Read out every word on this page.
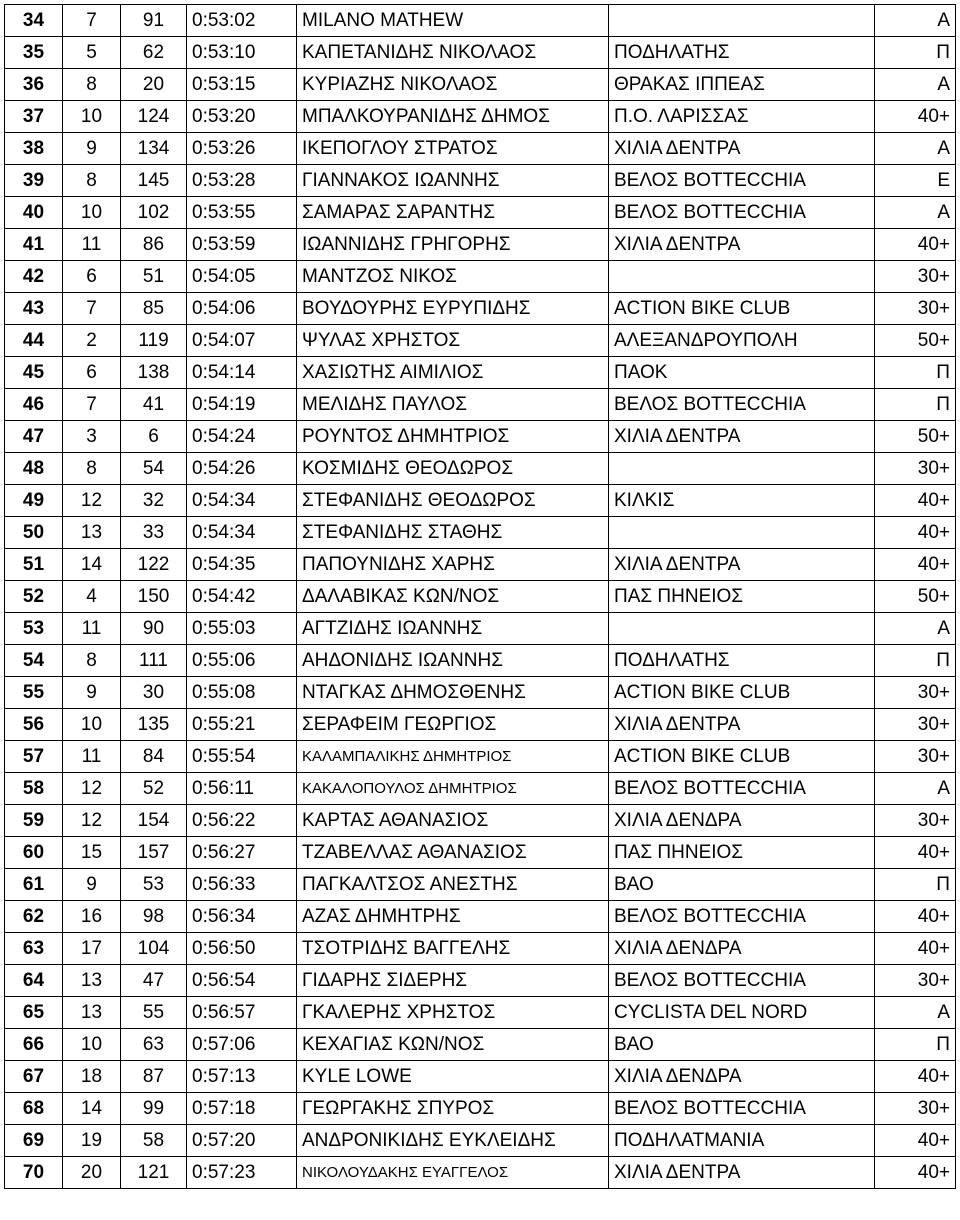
34	7	91	0:53:02	MILANO MATHEW		A
35	5	62	0:53:10	ΚΑΠΕΤΑΝΙΔΗΣ ΝΙΚΟΛΑΟΣ	ΠΟΔΗΛΑΤΗΣ	Π
36	8	20	0:53:15	ΚΥΡΙΑΖΗΣ ΝΙΚΟΛΑΟΣ	ΘΡΑΚΑΣ ΙΠΠΕΑΣ	A
37	10	124	0:53:20	ΜΠΑΛΚΟΥΡΑΝΙΔΗΣ ΔΗΜΟΣ	Π.Ο. ΛΑΡΙΣΣΑΣ	40+
38	9	134	0:53:26	ΙΚΕΠΟΓΛΟΥ ΣΤΡΑΤΟΣ	ΧΙΛΙΑ ΔΕΝΤΡΑ	A
39	8	145	0:53:28	ΓΙΑΝΝΑΚΟΣ ΙΩΑΝΝΗΣ	ΒΕΛΟΣ BOTTECCHIA	E
40	10	102	0:53:55	ΣΑΜΑΡΑΣ ΣΑΡΑΝΤΗΣ	ΒΕΛΟΣ BOTTECCHIA	A
41	11	86	0:53:59	ΙΩΑΝΝΙΔΗΣ ΓΡΗΓΟΡΗΣ	ΧΙΛΙΑ ΔΕΝΤΡΑ	40+
42	6	51	0:54:05	ΜΑΝΤΖΟΣ ΝΙΚΟΣ		30+
43	7	85	0:54:06	ΒΟΥΔΟΥΡΗΣ ΕΥΡΥΠΙΔΗΣ	ACTION BIKE CLUB	30+
44	2	119	0:54:07	ΨΥΛΑΣ ΧΡΗΣΤΟΣ	ΑΛΕΞΑΝΔΡΟΥΠΟΛΗ	50+
45	6	138	0:54:14	ΧΑΣΙΩΤΗΣ ΑΙΜΙΛΙΟΣ	ΠΑΟΚ	Π
46	7	41	0:54:19	ΜΕΛΙΔΗΣ ΠΑΥΛΟΣ	ΒΕΛΟΣ BOTTECCHIA	Π
47	3	6	0:54:24	ΡΟΥΝΤΟΣ ΔΗΜΗΤΡΙΟΣ	ΧΙΛΙΑ ΔΕΝΤΡΑ	50+
48	8	54	0:54:26	ΚΟΣΜΙΔΗΣ ΘΕΟΔΩΡΟΣ		30+
49	12	32	0:54:34	ΣΤΕΦΑΝΙΔΗΣ ΘΕΟΔΩΡΟΣ	ΚΙΛΚΙΣ	40+
50	13	33	0:54:34	ΣΤΕΦΑΝΙΔΗΣ ΣΤΑΘΗΣ		40+
51	14	122	0:54:35	ΠΑΠΟΥΝΙΔΗΣ ΧΑΡΗΣ	ΧΙΛΙΑ ΔΕΝΤΡΑ	40+
52	4	150	0:54:42	ΔΑΛΑΒΙΚΑΣ ΚΩΝ/ΝΟΣ	ΠΑΣ ΠΗΝΕΙΟΣ	50+
53	11	90	0:55:03	ΑΓΤΖΙΔΗΣ ΙΩΑΝΝΗΣ		A
54	8	111	0:55:06	ΑΗΔΟΝΙΔΗΣ ΙΩΑΝΝΗΣ	ΠΟΔΗΛΑΤΗΣ	Π
55	9	30	0:55:08	ΝΤΑΓΚΑΣ ΔΗΜΟΣΘΕΝΗΣ	ACTION BIKE CLUB	30+
56	10	135	0:55:21	ΣΕΡΑΦΕΙΜ ΓΕΩΡΓΙΟΣ	ΧΙΛΙΑ ΔΕΝΤΡΑ	30+
57	11	84	0:55:54	ΚΑΛΑΜΠΑΛΙΚΗΣ ΔΗΜΗΤΡΙΟΣ	ACTION BIKE CLUB	30+
58	12	52	0:56:11	ΚΑΚΑΛΟΠΟΥΛΟΣ ΔΗΜΗΤΡΙΟΣ	ΒΕΛΟΣ BOTTECCHIA	A
59	12	154	0:56:22	ΚΑΡΤΑΣ ΑΘΑΝΑΣΙΟΣ	ΧΙΛΙΑ ΔΕΝΔΡΑ	30+
60	15	157	0:56:27	ΤΖΑΒΕΛΛΑΣ ΑΘΑΝΑΣΙΟΣ	ΠΑΣ ΠΗΝΕΙΟΣ	40+
61	9	53	0:56:33	ΠΑΓΚΑΛΤΣΟΣ ΑΝΕΣΤΗΣ	ΒΑΟ	Π
62	16	98	0:56:34	ΑΖΑΣ ΔΗΜΗΤΡΗΣ	ΒΕΛΟΣ BOTTECCHIA	40+
63	17	104	0:56:50	ΤΣΟΤΡΙΔΗΣ ΒΑΓΓΕΛΗΣ	ΧΙΛΙΑ ΔΕΝΔΡΑ	40+
64	13	47	0:56:54	ΓΙΔΑΡΗΣ ΣΙΔΕΡΗΣ	ΒΕΛΟΣ BOTTECCHIA	30+
65	13	55	0:56:57	ΓΚΑΛΕΡΗΣ ΧΡΗΣΤΟΣ	CYCLISTA DEL NORD	A
66	10	63	0:57:06	ΚΕΧΑΓΙΑΣ ΚΩΝ/ΝΟΣ	ΒΑΟ	Π
67	18	87	0:57:13	KYLE LOWE	ΧΙΛΙΑ ΔΕΝΔΡΑ	40+
68	14	99	0:57:18	ΓΕΩΡΓΑΚΗΣ ΣΠΥΡΟΣ	ΒΕΛΟΣ BOTTECCHIA	30+
69	19	58	0:57:20	ΑΝΔΡΟΝΙΚΙΔΗΣ ΕΥΚΛΕΙΔΗΣ	ΠΟΔΗΛΑΤΜΑΝΙΑ	40+
70	20	121	0:57:23	ΝΙΚΟΛΟΥΔΑΚΗΣ ΕΥΑΓΓΕΛΟΣ	ΧΙΛΙΑ ΔΕΝΤΡΑ	40+
